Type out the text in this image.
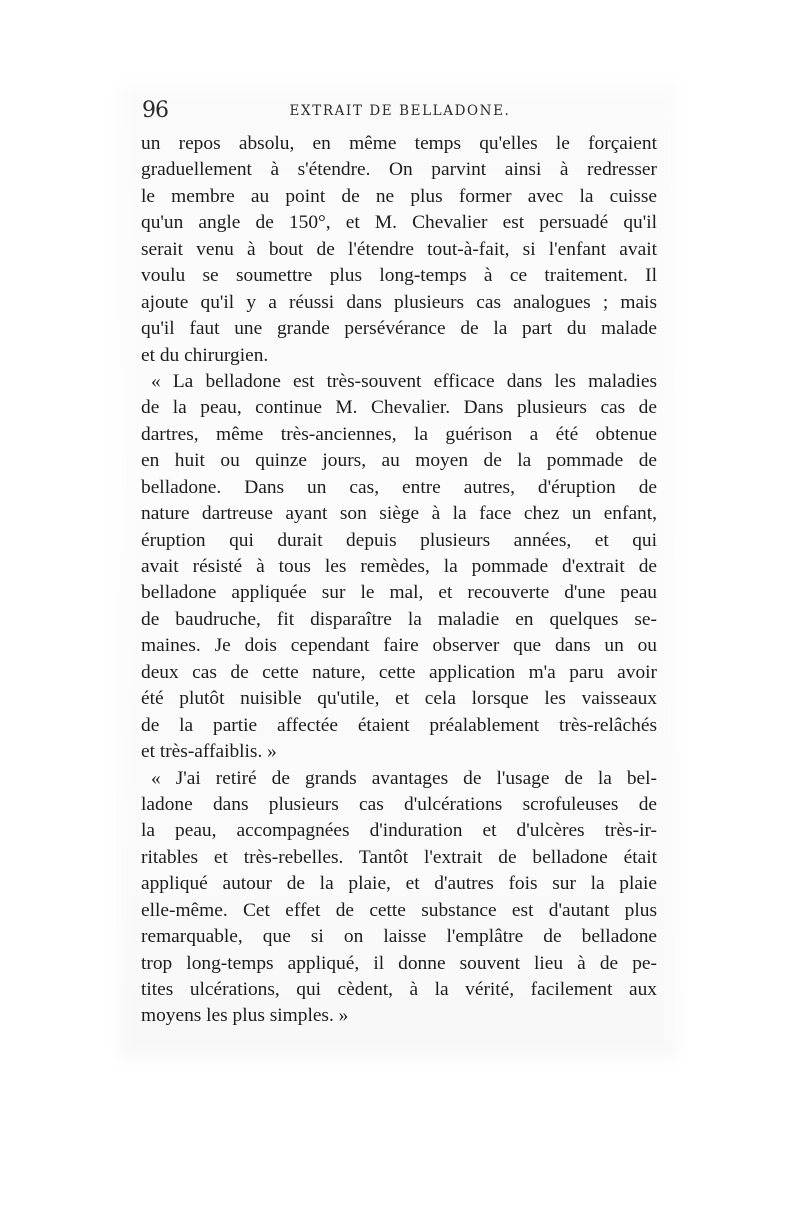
96	EXTRAIT DE BELLADONE.
un repos absolu, en même temps qu'elles le forçaient
graduellement à s'étendre. On parvint ainsi à redresser
le membre au point de ne plus former avec la cuisse
qu'un angle de 150°, et M. Chevalier est persuadé qu'il
serait venu à bout de l'étendre tout-à-fait, si l'enfant avait
voulu se soumettre plus long-temps à ce traitement. Il
ajoute qu'il y a réussi dans plusieurs cas analogues ; mais
qu'il faut une grande persévérance de la part du malade
et du chirurgien.
« La belladone est très-souvent efficace dans les maladies
de la peau, continue M. Chevalier. Dans plusieurs cas de
dartres, même très-anciennes, la guérison a été obtenue
en huit ou quinze jours, au moyen de la pommade de
belladone. Dans un cas, entre autres, d'éruption de
nature dartreuse ayant son siège à la face chez un enfant,
éruption qui durait depuis plusieurs années, et qui
avait résisté à tous les remèdes, la pommade d'extrait de
belladone appliquée sur le mal, et recouverte d'une peau
de baudruche, fit disparaître la maladie en quelques se-
maines. Je dois cependant faire observer que dans un ou
deux cas de cette nature, cette application m'a paru avoir
été plutôt nuisible qu'utile, et cela lorsque les vaisseaux
de la partie affectée étaient préalablement très-relâchés
et très-affaiblis. »
« J'ai retiré de grands avantages de l'usage de la bel-
ladone dans plusieurs cas d'ulcérations scrofuleuses de
la peau, accompagnées d'induration et d'ulcères très-ir-
ritables et très-rebelles. Tantôt l'extrait de belladone était
appliqué autour de la plaie, et d'autres fois sur la plaie
elle-même. Cet effet de cette substance est d'autant plus
remarquable, que si on laisse l'emplâtre de belladone
trop long-temps appliqué, il donne souvent lieu à de pe-
tites ulcérations, qui cèdent, à la vérité, facilement aux
moyens les plus simples. »
